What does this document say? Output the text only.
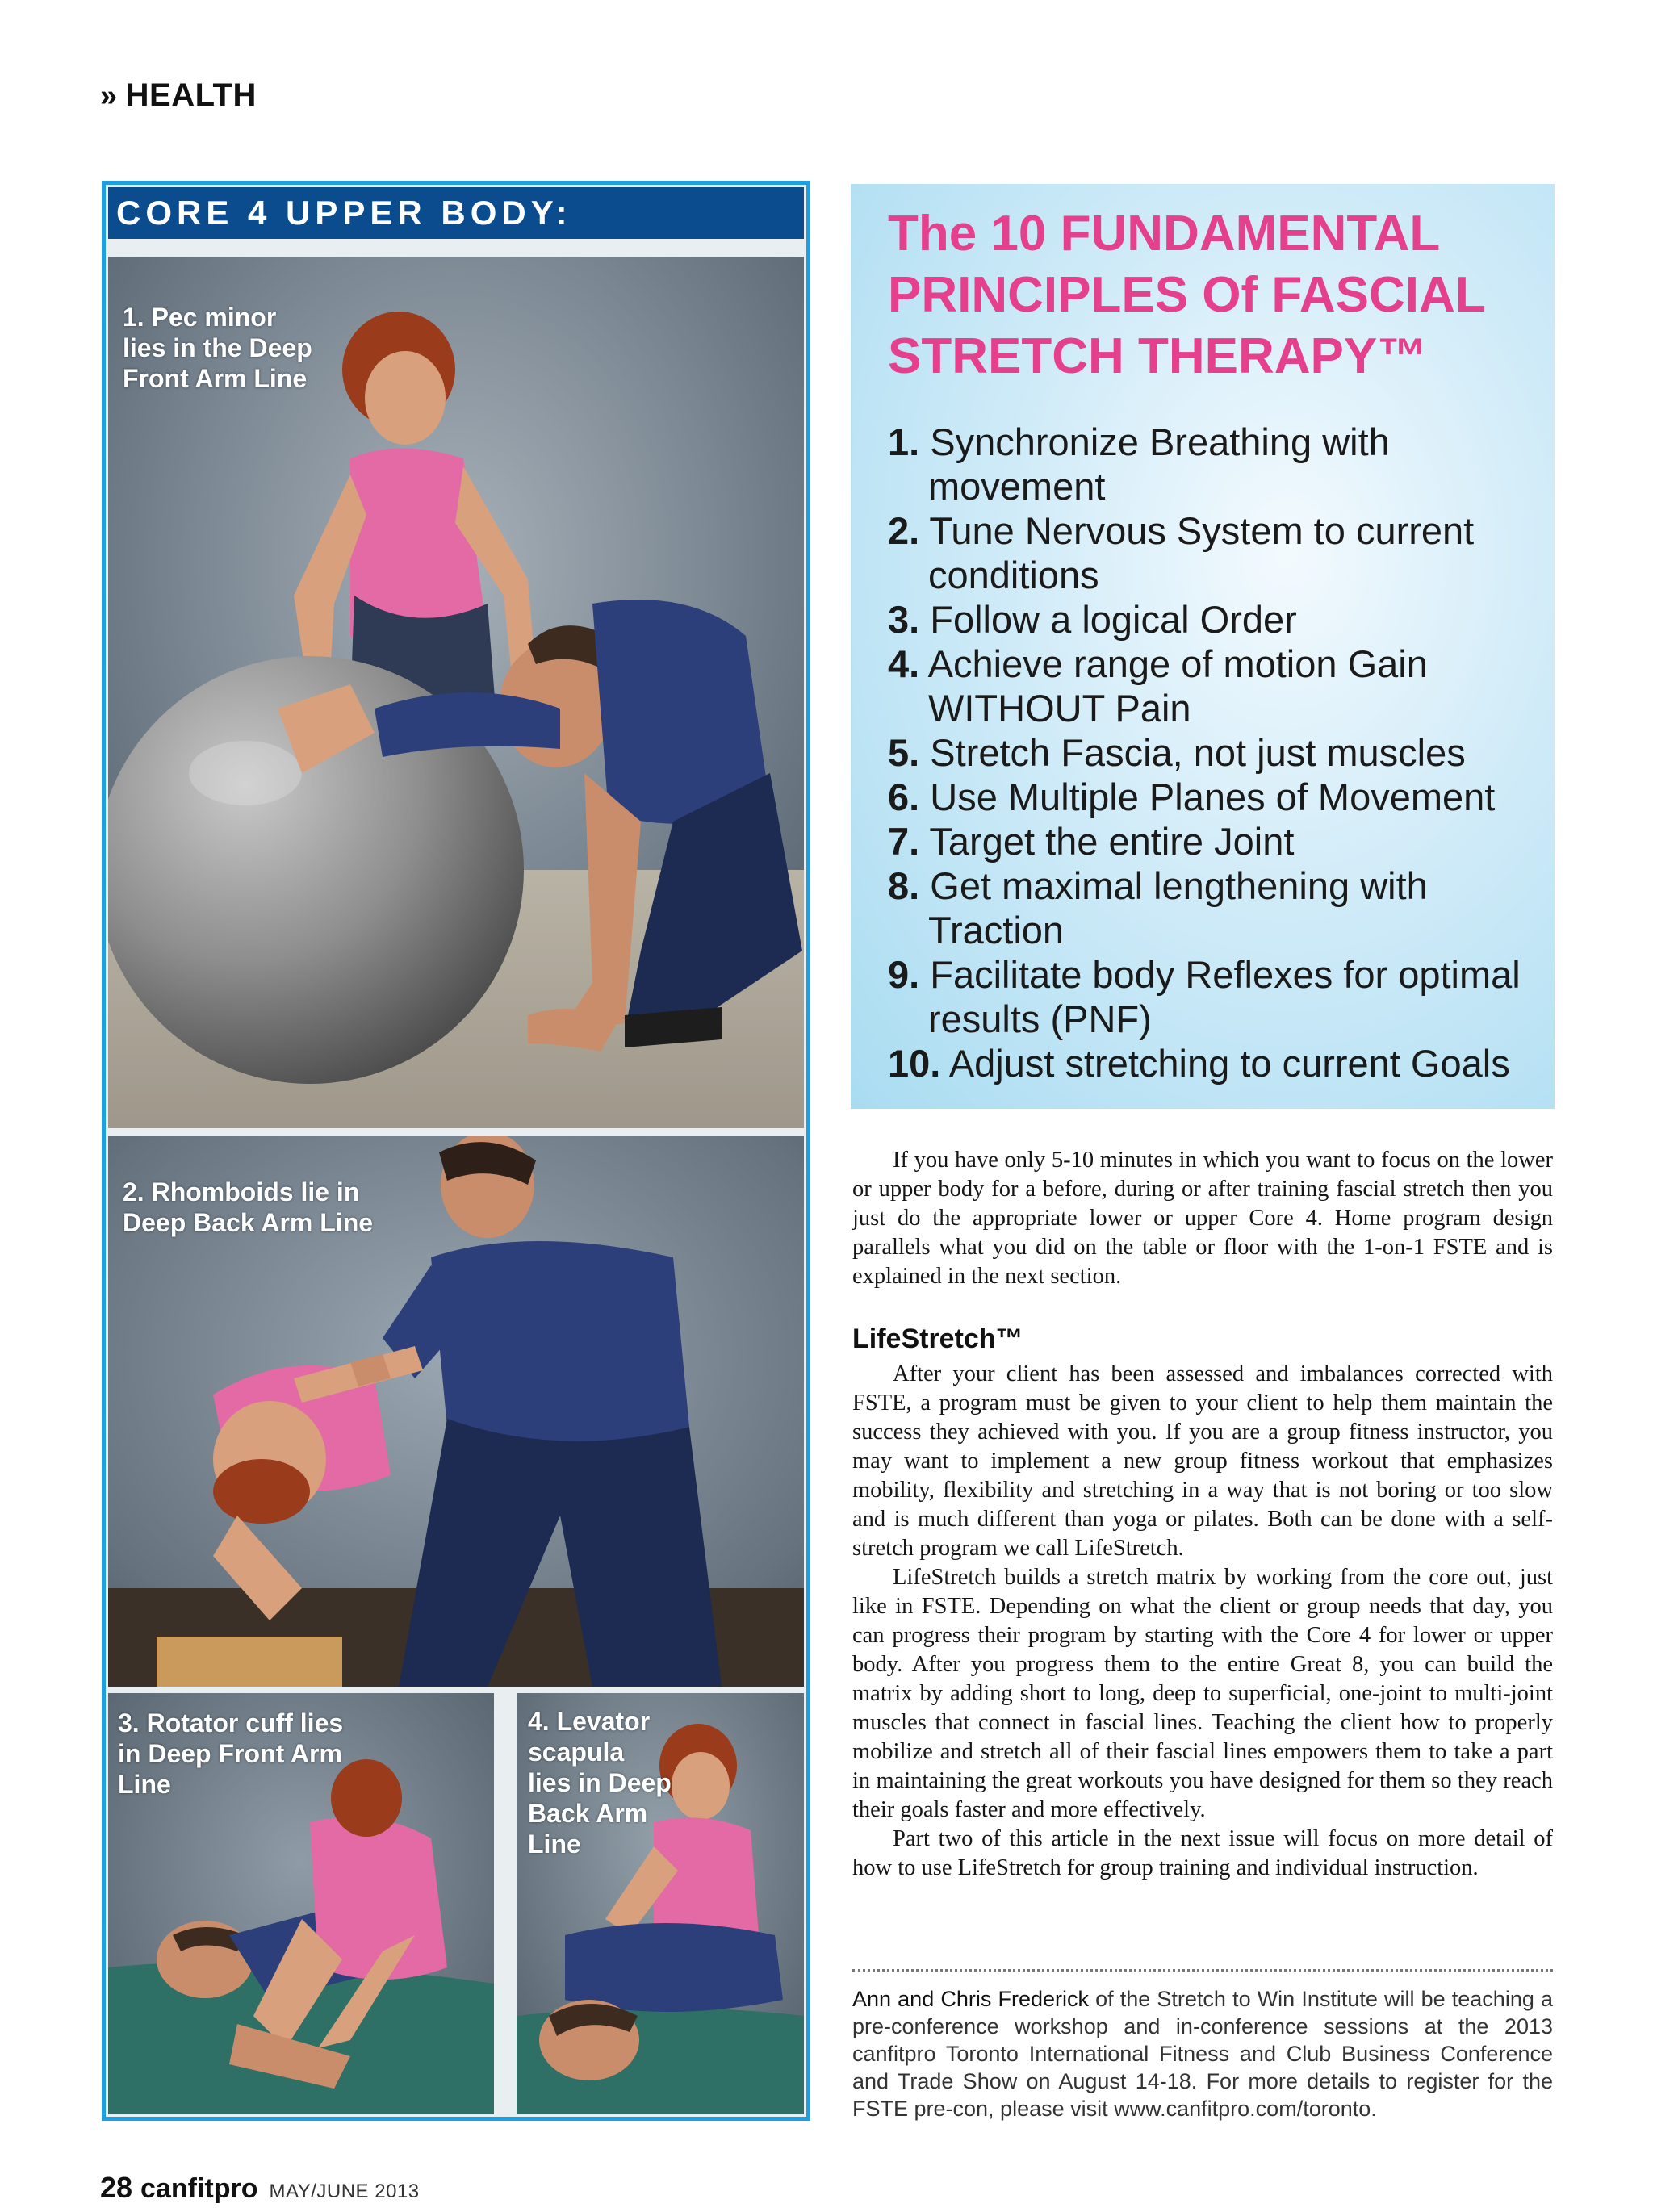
» HEALTH
CORE 4 UPPER BODY:
1. Pec minor lies in the Deep Front Arm Line
2. Rhomboids lie in Deep Back Arm Line
3. Rotator cuff lies in Deep Front Arm Line
4. Levator scapula lies in Deep Back Arm Line
The 10 FUNDAMENTAL PRINCIPLES Of FASCIAL STRETCH THERAPY™
1. Synchronize Breathing with movement
2. Tune Nervous System to current conditions
3. Follow a logical Order
4. Achieve range of motion Gain WITHOUT Pain
5. Stretch Fascia, not just muscles
6. Use Multiple Planes of Movement
7. Target the entire Joint
8. Get maximal lengthening with Traction
9. Facilitate body Reflexes for optimal results (PNF)
10. Adjust stretching to current Goals

If you have only 5-10 minutes in which you want to focus on the lower or upper body for a before, during or after training fascial stretch then you just do the appropriate lower or upper Core 4. Home program design parallels what you did on the table or floor with the 1-on-1 FSTE and is explained in the next section.

LifeStretch™

After your client has been assessed and imbalances corrected with FSTE, a program must be given to your client to help them maintain the success they achieved with you. If you are a group fitness instructor, you may want to implement a new group fitness workout that emphasizes mobility, flexibility and stretching in a way that is not boring or too slow and is much different than yoga or pilates. Both can be done with a self-stretch program we call LifeStretch.

LifeStretch builds a stretch matrix by working from the core out, just like in FSTE. Depending on what the client or group needs that day, you can progress their program by starting with the Core 4 for lower or upper body. After you progress them to the entire Great 8, you can build the matrix by adding short to long, deep to superficial, one-joint to multi-joint muscles that connect in fascial lines. Teaching the client how to properly mobilize and stretch all of their fascial lines empowers them to take a part in maintaining the great workouts you have designed for them so they reach their goals faster and more effectively.

Part two of this article in the next issue will focus on more detail of how to use LifeStretch for group training and individual instruction.

Ann and Chris Frederick of the Stretch to Win Institute will be teaching a pre-conference workshop and in-conference sessions at the 2013 canfitpro Toronto International Fitness and Club Business Conference and Trade Show on August 14-18. For more details to register for the FSTE pre-con, please visit www.canfitpro.com/toronto.
28 canfitpro MAY/JUNE 2013
